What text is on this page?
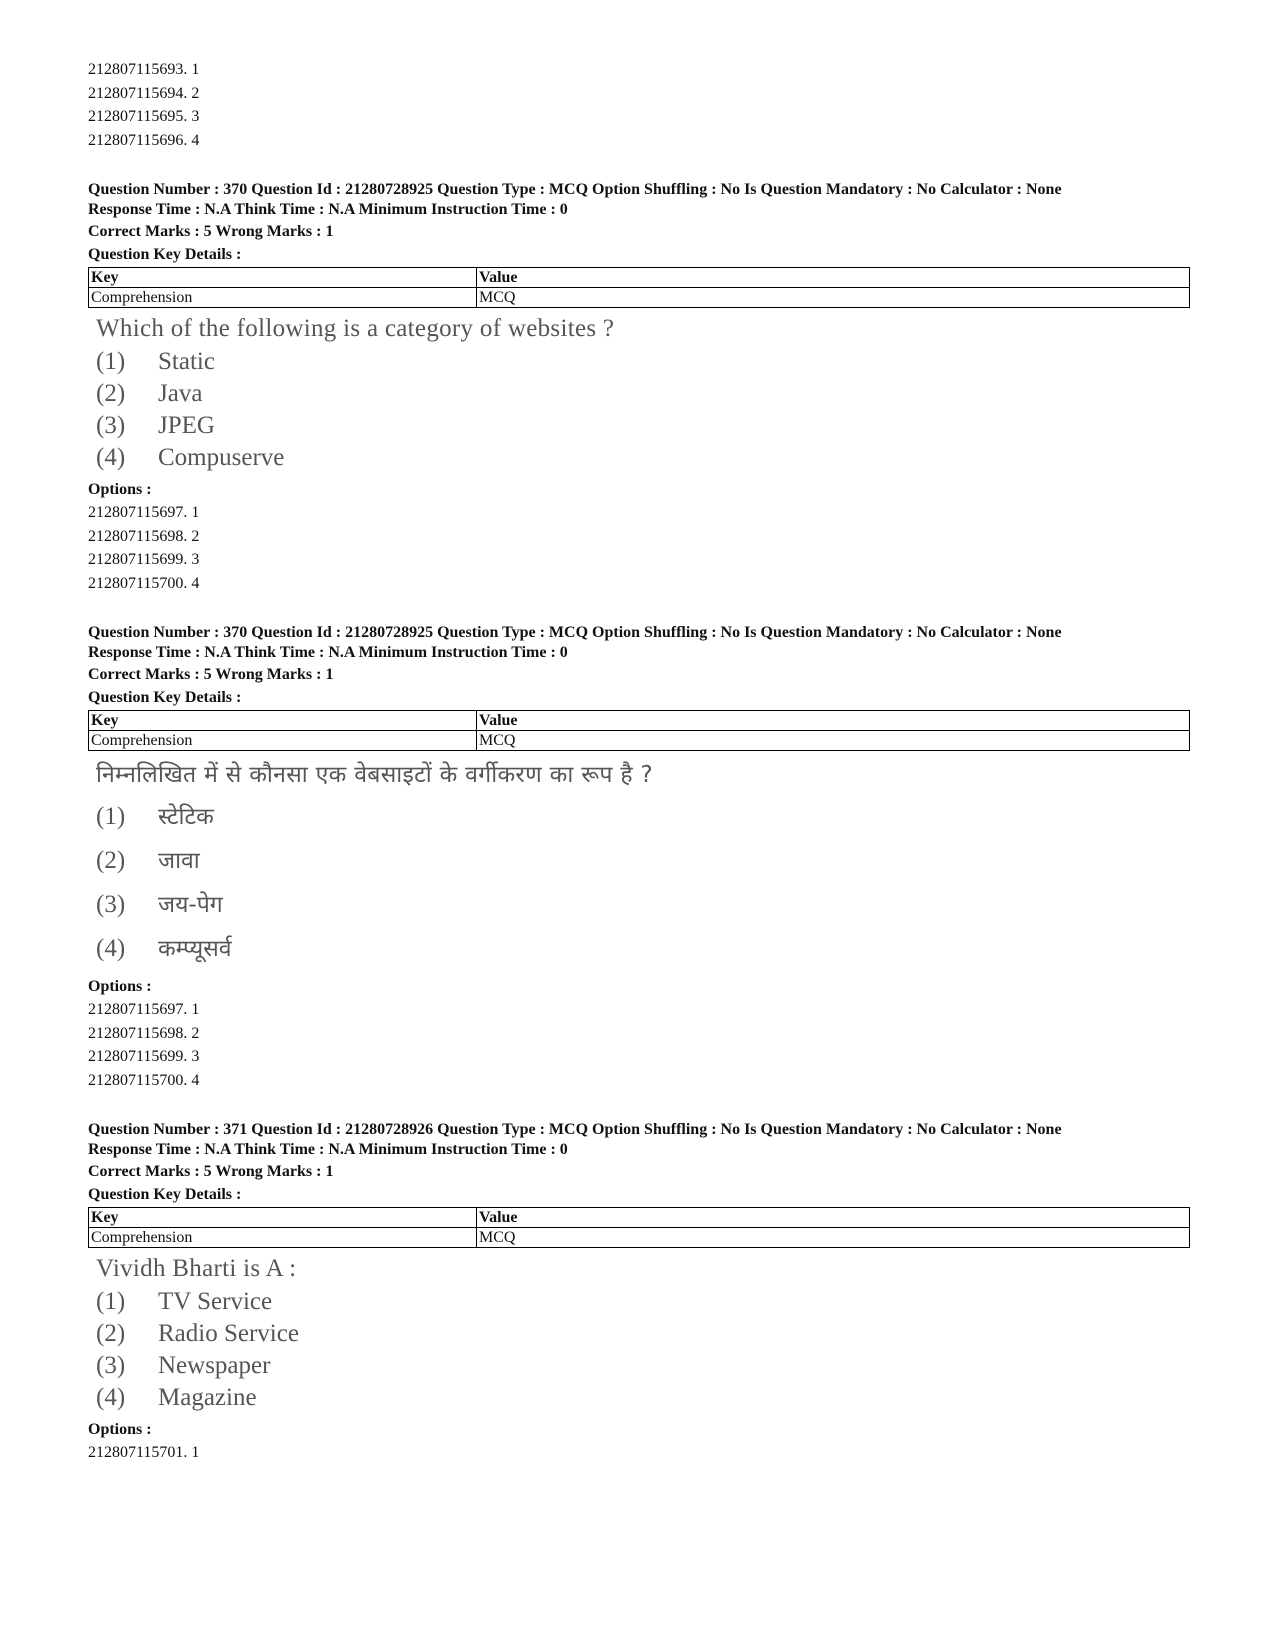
212807115693. 1
212807115694. 2
212807115695. 3
212807115696. 4
Question Number : 370 Question Id : 21280728925 Question Type : MCQ Option Shuffling : No Is Question Mandatory : No Calculator : None
Response Time : N.A Think Time : N.A Minimum Instruction Time : 0
Correct Marks : 5 Wrong Marks : 1
Question Key Details :
Key	Value
Comprehension	MCQ
Which of the following is a category of websites ?
(1)	Static
(2)	Java
(3)	JPEG
(4)	Compuserve
Options :
212807115697. 1
212807115698. 2
212807115699. 3
212807115700. 4
Question Number : 370 Question Id : 21280728925 Question Type : MCQ Option Shuffling : No Is Question Mandatory : No Calculator : None
Response Time : N.A Think Time : N.A Minimum Instruction Time : 0
Correct Marks : 5 Wrong Marks : 1
Question Key Details :
Key	Value
Comprehension	MCQ
निम्नलिखित में से कौनसा एक वेबसाइटों के वर्गीकरण का रूप है ?
(1)	स्टेटिक
(2)	जावा
(3)	जय-पेग
(4)	कम्प्यूसर्व
Options :
212807115697. 1
212807115698. 2
212807115699. 3
212807115700. 4
Question Number : 371 Question Id : 21280728926 Question Type : MCQ Option Shuffling : No Is Question Mandatory : No Calculator : None
Response Time : N.A Think Time : N.A Minimum Instruction Time : 0
Correct Marks : 5 Wrong Marks : 1
Question Key Details :
Key	Value
Comprehension	MCQ
Vividh Bharti is A :
(1)	TV Service
(2)	Radio Service
(3)	Newspaper
(4)	Magazine
Options :
212807115701. 1
